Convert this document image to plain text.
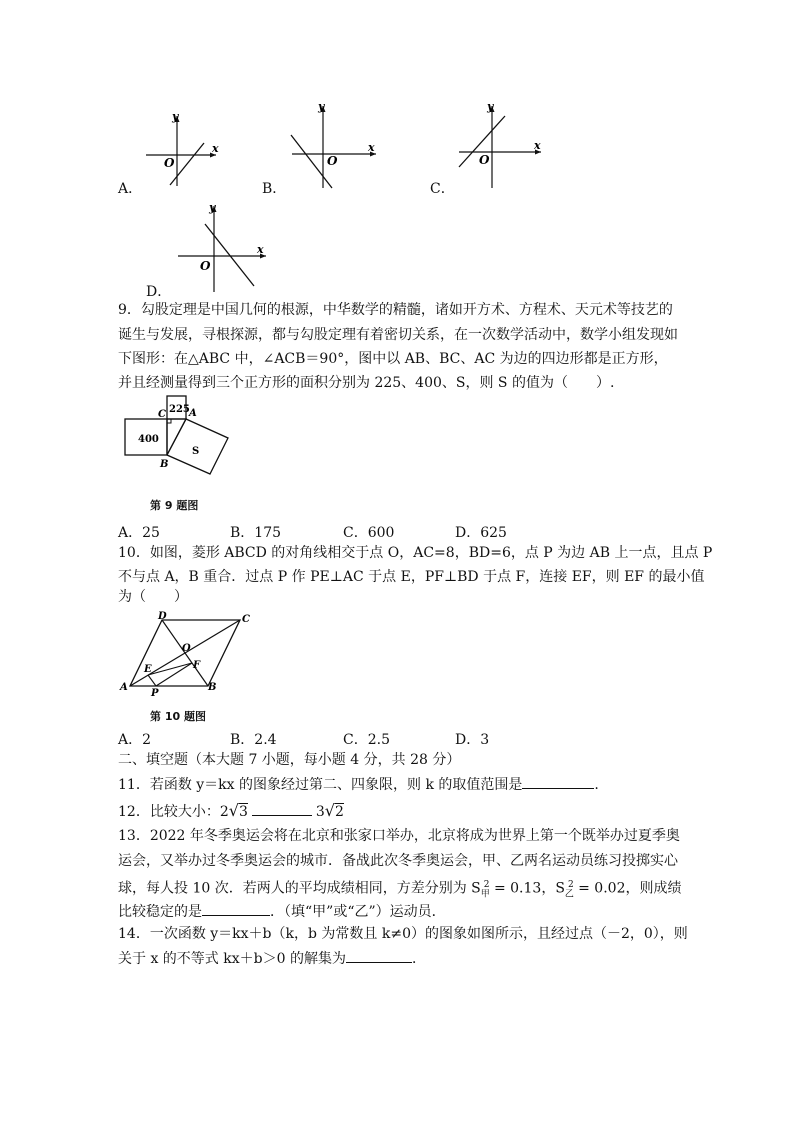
y
x
O
A．
y
x
O
B．
y
x
O
C．
y
x
O
D．
9．勾股定理是中国几何的根源，中华数学的精髓，诸如开方术、方程术、天元术等技艺的
诞生与发展，寻根探源，都与勾股定理有着密切关系，在一次数学活动中，数学小组发现如
下图形：在△ABC 中，∠ACB＝90°，图中以 AB、BC、AC 为边的四边形都是正方形，
并且经测量得到三个正方形的面积分别为 225、400、S，则 S 的值为（　　）.
225
400
S
C A
B
第 9 题图
A．25	B．175	C．600	D．625
10．如图，菱形 ABCD 的对角线相交于点 O，AC=8，BD=6，点 P 为边 AB 上一点，且点 P
不与点 A，B 重合．过点 P 作 PE⊥AC 于点 E，PF⊥BD 于点 F，连接 EF，则 EF 的最小值
为（　　）
A	B
C
D
O
E	F
P
第 10 题图
A．2	B．2.4	C．2.5	D．3
二、填空题（本大题 7 小题，每小题 4 分，共 28 分）
11．若函数 y＝kx 的图象经过第二、四象限，则 k 的取值范围是	.
12．比较大小：2√3	3√2
13．2022 年冬季奥运会将在北京和张家口举办，北京将成为世界上第一个既举办过夏季奥
运会，又举办过冬季奥运会的城市．备战此次冬季奥运会，甲、乙两名运动员练习投掷实心
球，每人投 10 次．若两人的平均成绩相同，方差分别为 $S_甲^2 = 0.13$，$S_乙^2 = 0.02$，则成绩
比较稳定的是	．（填“甲”或“乙”）运动员．
14．一次函数 y＝kx＋b（k，b 为常数且 k≠0）的图象如图所示，且经过点（－2，0），则
关于 x 的不等式 kx＋b＞0 的解集为	．
